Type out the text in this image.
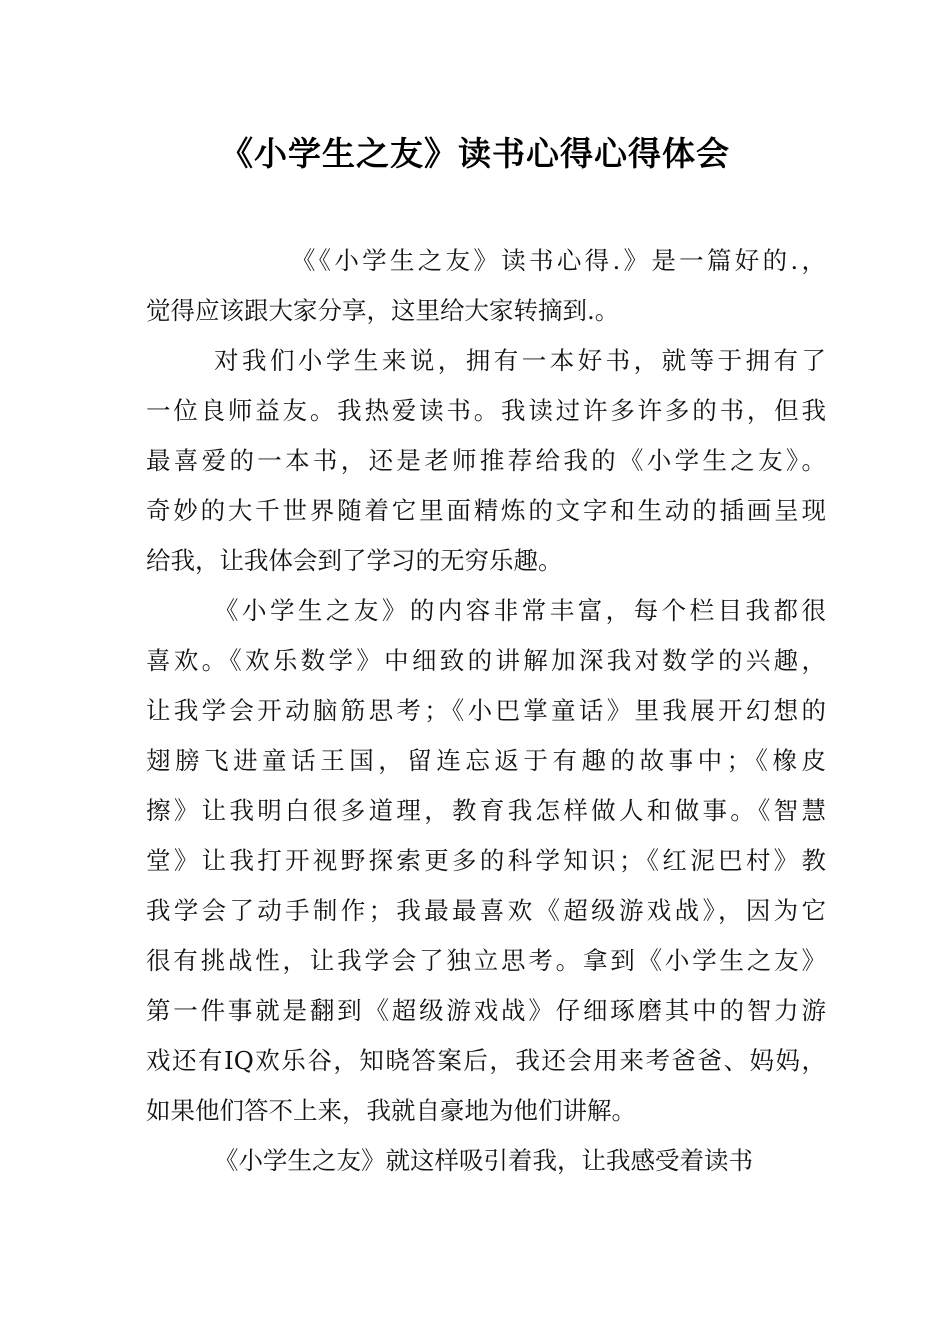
《小学生之友》读书心得心得体会

《《小学生之友》读书心得.》是一篇好的.，
觉得应该跟大家分享，这里给大家转摘到.。

对我们小学生来说，拥有一本好书，就等于拥有了
一位良师益友。我热爱读书。我读过许多许多的书，但我
最喜爱的一本书，还是老师推荐给我的《小学生之友》。
奇妙的大千世界随着它里面精炼的文字和生动的插画呈现
给我，让我体会到了学习的无穷乐趣。

《小学生之友》的内容非常丰富，每个栏目我都很
喜欢。《欢乐数学》中细致的讲解加深我对数学的兴趣，
让我学会开动脑筋思考；《小巴掌童话》里我展开幻想的
翅膀飞进童话王国，留连忘返于有趣的故事中；《橡皮
擦》让我明白很多道理，教育我怎样做人和做事。《智慧
堂》让我打开视野探索更多的科学知识；《红泥巴村》教
我学会了动手制作；我最最喜欢《超级游戏战》，因为它
很有挑战性，让我学会了独立思考。拿到《小学生之友》
第一件事就是翻到《超级游戏战》仔细琢磨其中的智力游
戏还有IQ欢乐谷，知晓答案后，我还会用来考爸爸、妈妈，
如果他们答不上来，我就自豪地为他们讲解。

《小学生之友》就这样吸引着我，让我感受着读书
